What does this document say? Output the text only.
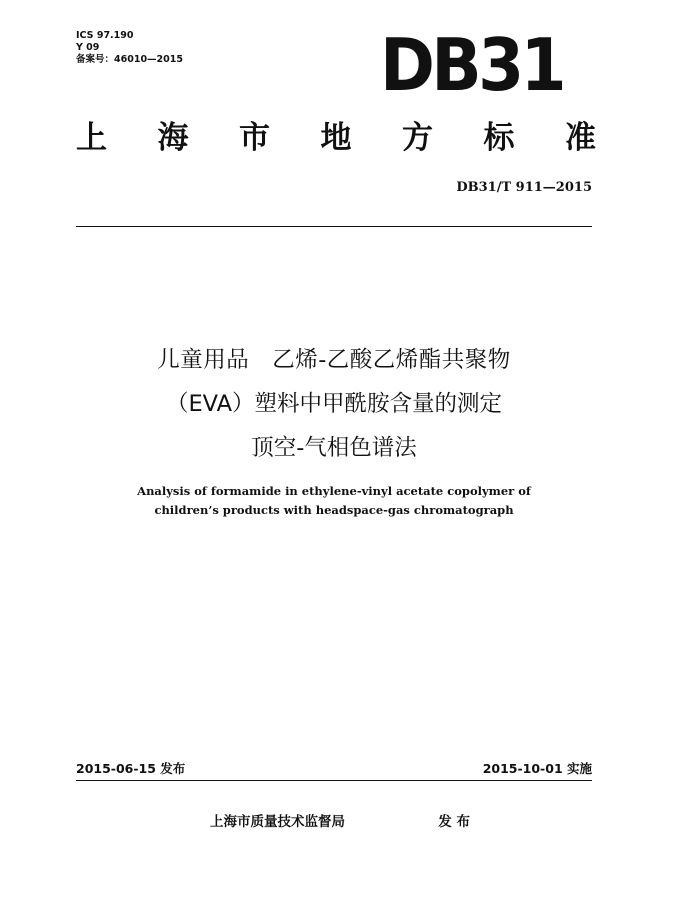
ICS 97.190
Y 09
备案号：46010—2015	DB31
上 海 市 地 方 标 准
DB31/T 911—2015
儿童用品　乙烯-乙酸乙烯酯共聚物
（EVA）塑料中甲酰胺含量的测定
顶空-气相色谱法
Analysis of formamide in ethylene-vinyl acetate copolymer of
children’s products with headspace-gas chromatograph
2015-06-15 发布	2015-10-01 实施
上海市质量技术监督局	发 布
